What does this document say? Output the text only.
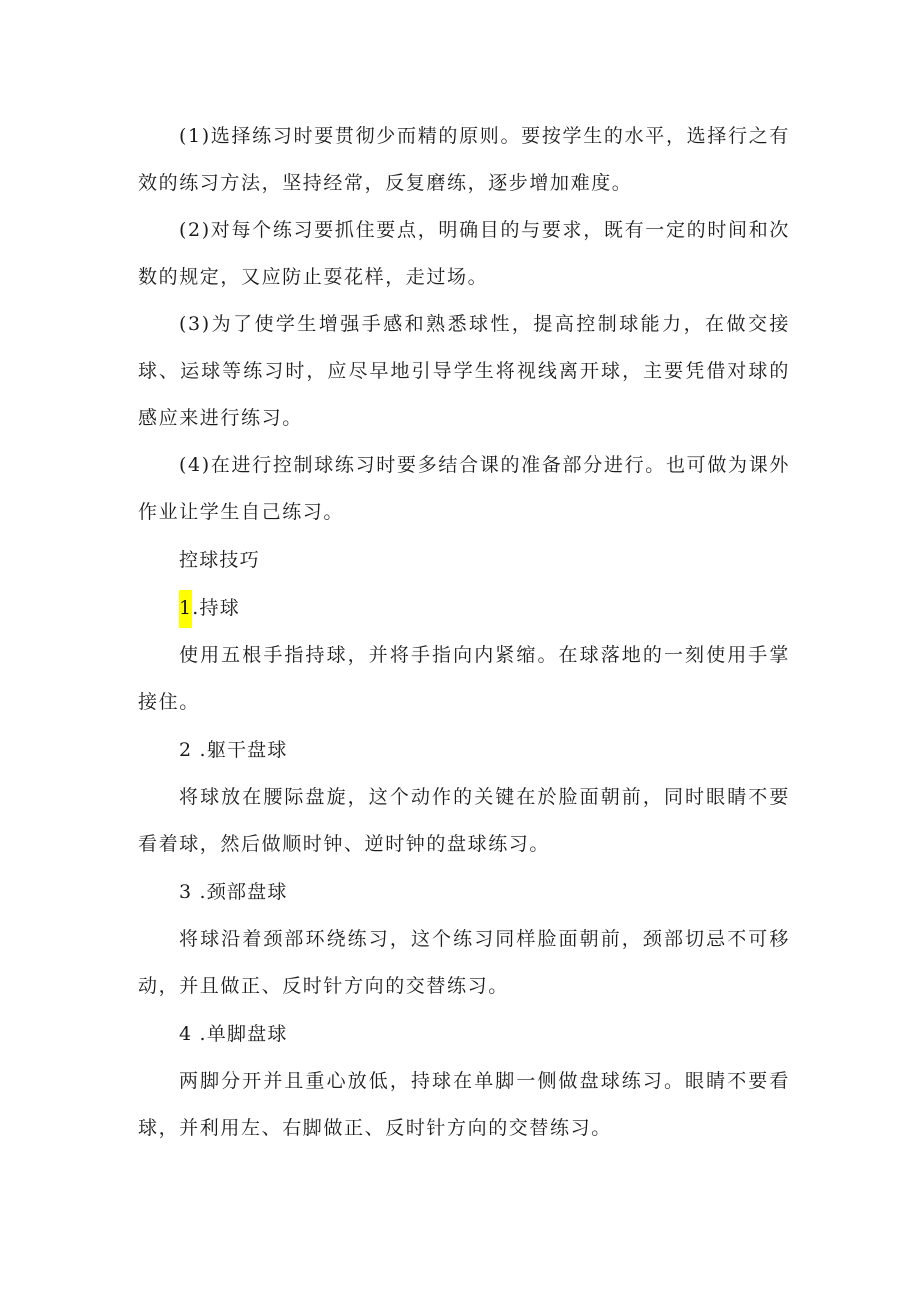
(1)选择练习时要贯彻少而精的原则。要按学生的水平，选择行之有效的练习方法，坚持经常，反复磨练，逐步增加难度。

(2)对每个练习要抓住要点，明确目的与要求，既有一定的时间和次数的规定，又应防止耍花样，走过场。

(3)为了使学生增强手感和熟悉球性，提高控制球能力，在做交接球、运球等练习时，应尽早地引导学生将视线离开球，主要凭借对球的感应来进行练习。

(4)在进行控制球练习时要多结合课的准备部分进行。也可做为课外作业让学生自己练习。

控球技巧

1.持球

使用五根手指持球，并将手指向内紧缩。在球落地的一刻使用手掌接住。

2 .躯干盘球

将球放在腰际盘旋，这个动作的关键在於脸面朝前，同时眼睛不要看着球，然后做顺时钟、逆时钟的盘球练习。

3 .颈部盘球

将球沿着颈部环绕练习，这个练习同样脸面朝前，颈部切忌不可移动，并且做正、反时针方向的交替练习。

4 .单脚盘球

两脚分开并且重心放低，持球在单脚一侧做盘球练习。眼睛不要看球，并利用左、右脚做正、反时针方向的交替练习。
